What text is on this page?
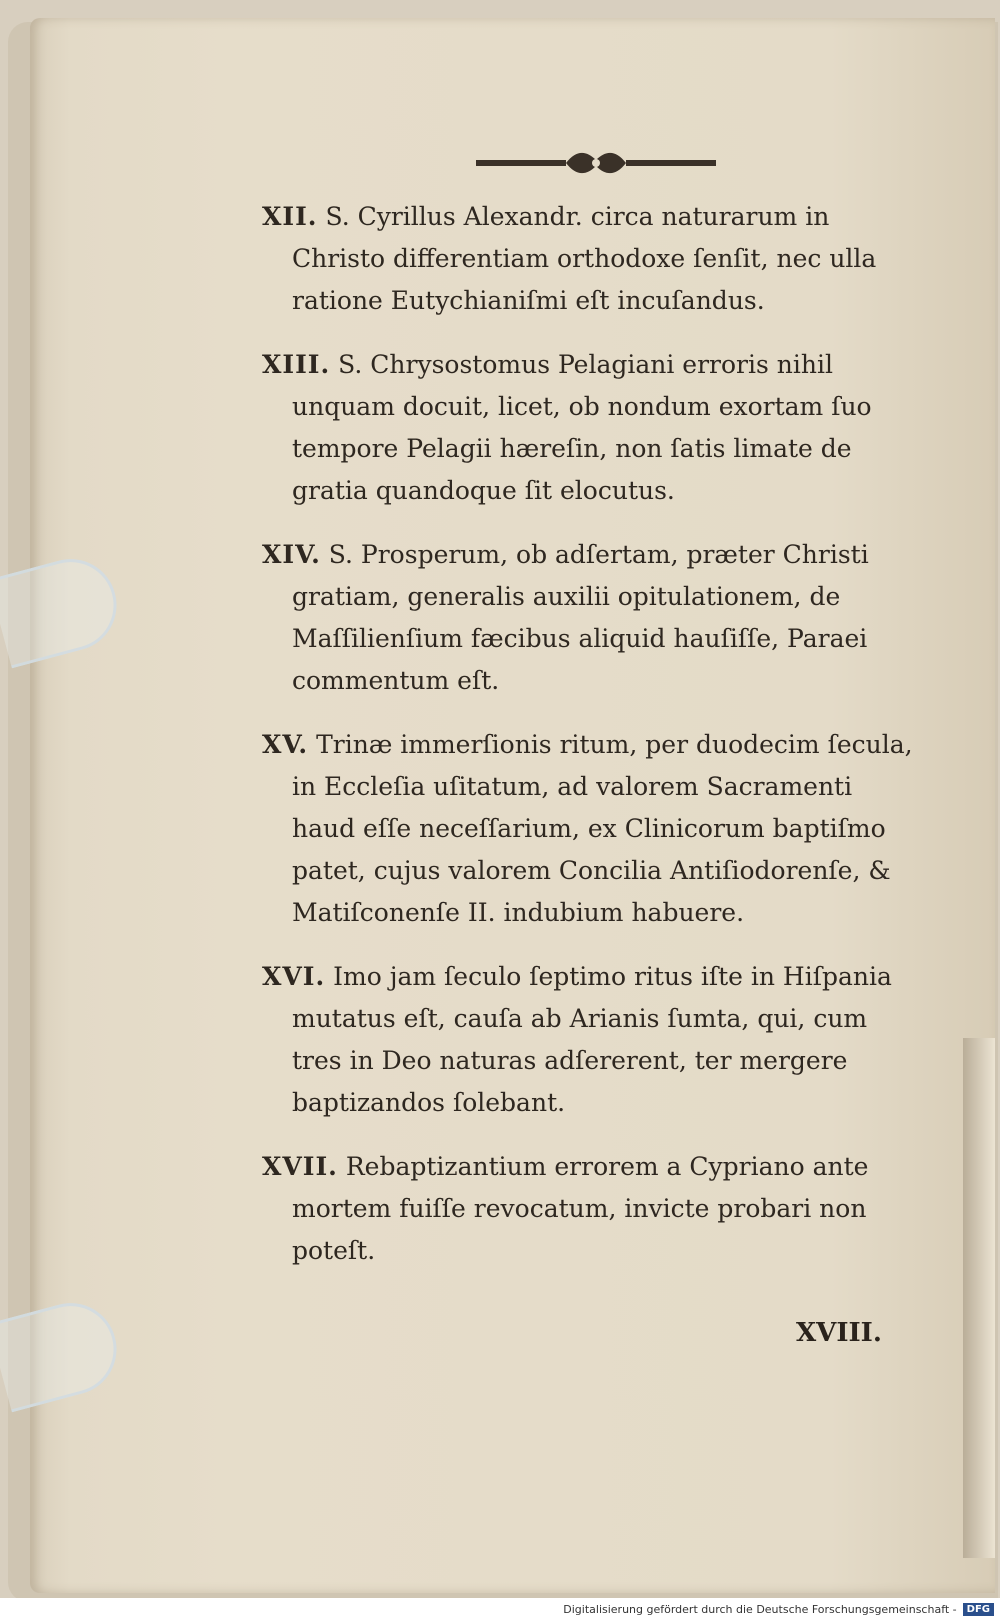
XII. S. Cyrillus Alexandr. circa naturarum in Christo differentiam orthodoxe ſenſit, nec ulla ratione Eutychianiſmi eſt incuſandus.
XIII. S. Chrysostomus Pelagiani erroris nihil unquam docuit, licet, ob nondum exortam ſuo tempore Pelagii hæreſin, non ſatis limate de gratia quandoque ſit elocutus.
XIV. S. Prosperum, ob adſertam, præter Christi gratiam, generalis auxilii opitulationem, de Maſſilienſium fæcibus aliquid hauſiſſe, Paraei commentum eſt.
XV. Trinæ immerſionis ritum, per duodecim ſecula, in Eccleſia uſitatum, ad valorem Sacramenti haud eſſe neceſſarium, ex Clinicorum baptiſmo patet, cujus valorem Concilia Antiſiodorenſe, & Matiſconenſe II. indubium habuere.
XVI. Imo jam ſeculo ſeptimo ritus iſte in Hiſpania mutatus eſt, cauſa ab Arianis ſumta, qui, cum tres in Deo naturas adſererent, ter mergere baptizandos ſolebant.
XVII. Rebaptizantium errorem a Cypriano ante mortem fuiſſe revocatum, invicte probari non poteſt.
XVIII.
Digitalisierung gefördert durch die Deutsche Forschungsgemeinschaft -	DFG
